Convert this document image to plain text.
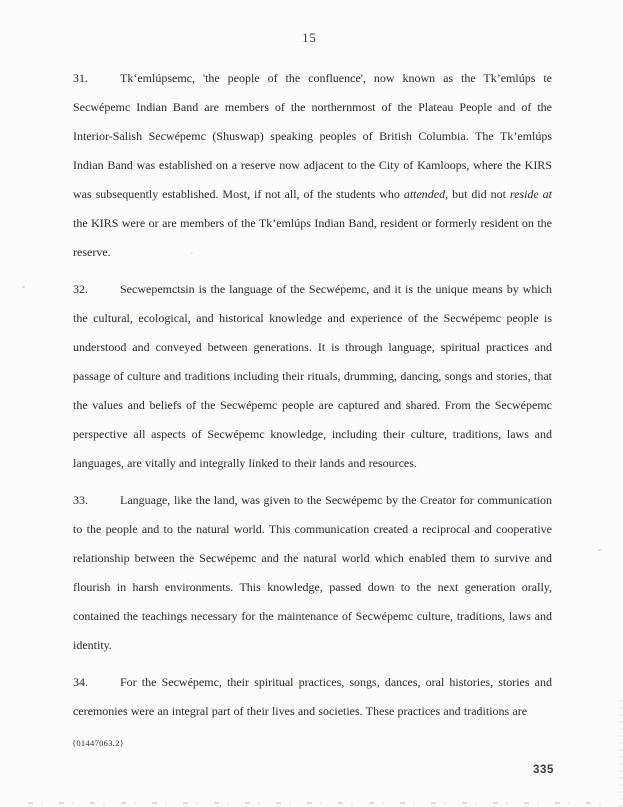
15

31.	Tk‘emlúpsemc, 'the people of the confluence', now known as the Tk’emlúps te Secwépemc Indian Band are members of the northernmost of the Plateau People and of the Interior-Salish Secwépemc (Shuswap) speaking peoples of British Columbia. The Tk’emlúps Indian Band was established on a reserve now adjacent to the City of Kamloops, where the KIRS was subsequently established. Most, if not all, of the students who attended, but did not reside at the KIRS were or are members of the Tk’emlúps Indian Band, resident or formerly resident on the reserve.

32.	Secwepemctsin is the language of the Secwépemc, and it is the unique means by which the cultural, ecological, and historical knowledge and experience of the Secwépemc people is understood and conveyed between generations. It is through language, spiritual practices and passage of culture and traditions including their rituals, drumming, dancing, songs and stories, that the values and beliefs of the Secwépemc people are captured and shared. From the Secwépemc perspective all aspects of Secwépemc knowledge, including their culture, traditions, laws and languages, are vitally and integrally linked to their lands and resources.

33.	Language, like the land, was given to the Secwépemc by the Creator for communication to the people and to the natural world. This communication created a reciprocal and cooperative relationship between the Secwépemc and the natural world which enabled them to survive and flourish in harsh environments. This knowledge, passed down to the next generation orally, contained the teachings necessary for the maintenance of Secwépemc culture, traditions, laws and identity.

34.	For the Secwépemc, their spiritual practices, songs, dances, oral histories, stories and ceremonies were an integral part of their lives and societies. These practices and traditions are

{01447063.2}
335
